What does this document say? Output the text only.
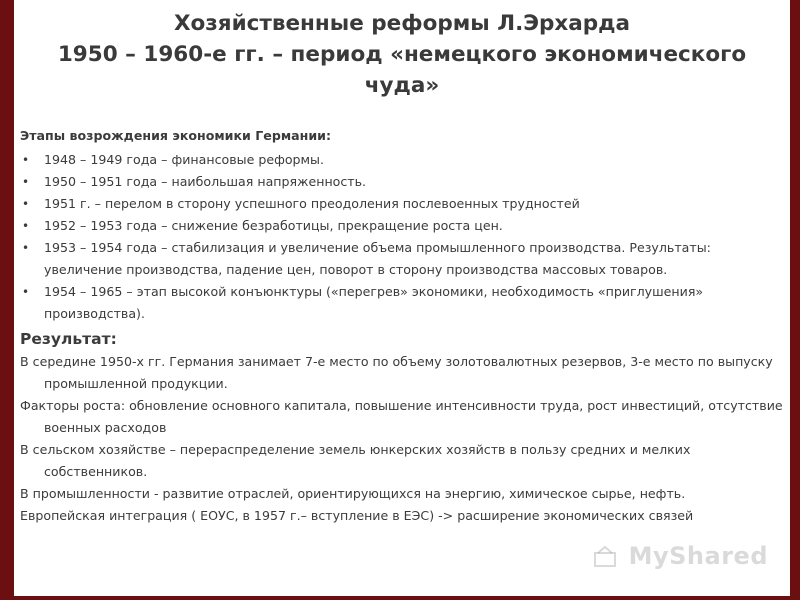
Хозяйственные реформы Л.Эрхарда
1950 – 1960-е гг. – период «немецкого экономического
чуда»
Этапы возрождения экономики Германии:
• 1948 – 1949 года – финансовые реформы.
• 1950 – 1951 года – наибольшая напряженность.
• 1951 г. – перелом в сторону успешного преодоления послевоенных трудностей
• 1952 – 1953 года – снижение безработицы, прекращение роста цен.
• 1953 – 1954 года – стабилизация и увеличение объема промышленного производства. Результаты: увеличение производства, падение цен, поворот в сторону производства массовых товаров.
• 1954 – 1965 – этап высокой конъюнктуры («перегрев» экономики, необходимость «приглушения» производства).
Результат:
В середине 1950-х гг. Германия занимает 7-е место по объему золотовалютных резервов, 3-е место по выпуску промышленной продукции.
Факторы роста: обновление основного капитала, повышение интенсивности труда, рост инвестиций, отсутствие военных расходов
В сельском хозяйстве – перераспределение земель юнкерских хозяйств в пользу средних и мелких собственников.
В промышленности - развитие отраслей, ориентирующихся на энергию, химическое сырье, нефть.
Европейская интеграция ( ЕОУС, в 1957 г.– вступление в ЕЭС) -> расширение экономических связей
MyShared
